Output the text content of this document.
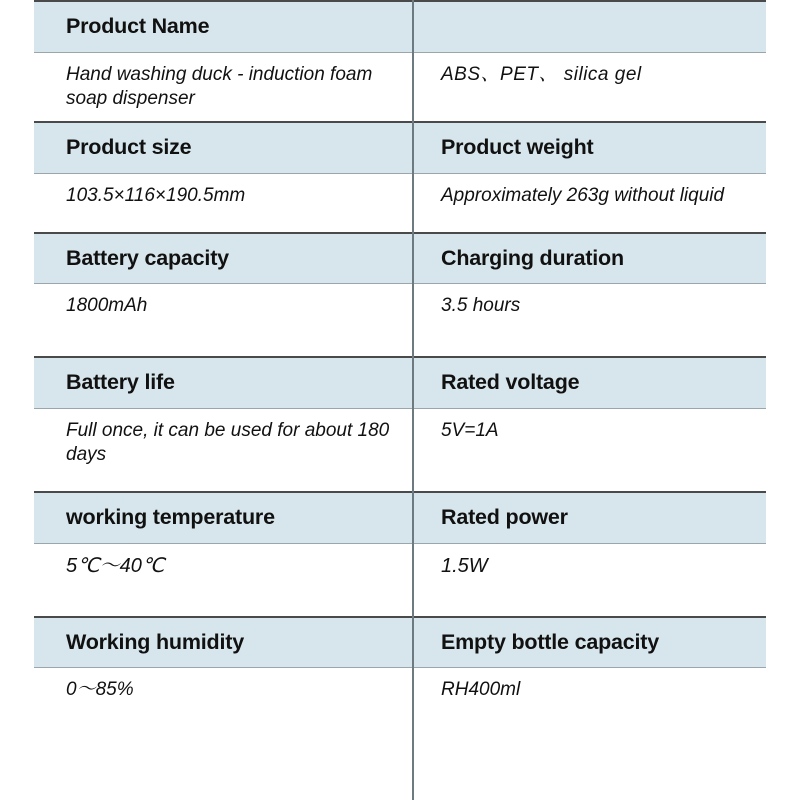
Product Name	

Hand washing duck - induction foam soap dispenser	ABS、PET、 silica gel

Product size	Product weight

103.5×116×190.5mm	Approximately 263g without liquid

Battery capacity	Charging duration

1800mAh	3.5 hours

Battery life	Rated voltage

Full once, it can be used for about 180 days	5V=1A

working temperature	Rated power

5℃～40℃	1.5W

Working humidity	Empty bottle capacity

0～85%	RH400ml
